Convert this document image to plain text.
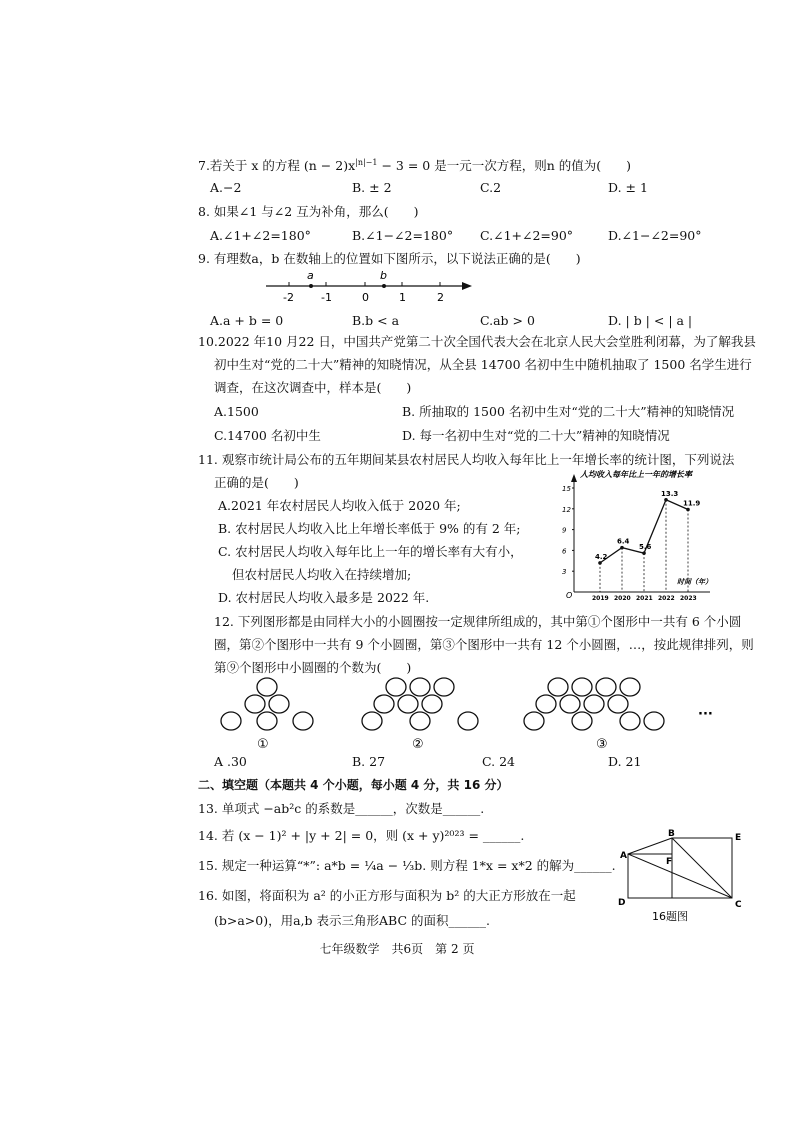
7.若关于 x 的方程 $(n - 2)x^{|n|-1} - 3 = 0$ 是一元一次方程，则n 的值为(　　)
A.−2	B. ± 2	C.2	D. ± 1
8. 如果∠1 与∠2 互为补角，那么(　　)
A.∠1+∠2=180°	B.∠1−∠2=180° C.∠1+∠2=90°	D.∠1−∠2=90°
9. 有理数a，b 在数轴上的位置如下图所示，以下说法正确的是(　　)
a	b
-2 -1	0	1	2
A.a + b = 0	B.b < a	C.ab > 0	D. | b | < | a |
10.2022 年10 月22 日，中国共产党第二十次全国代表大会在北京人民大会堂胜利闭幕，为了解我县
初中生对“党的二十大”精神的知晓情况，从全县 14700 名初中生中随机抽取了 1500 名学生进行
调查，在这次调查中，样本是(　　)
A.1500	B. 所抽取的 1500 名初中生对“党的二十大”精神的知晓情况
C.14700 名初中生	D. 每一名初中生对“党的二十大”精神的知晓情况
11. 观察市统计局公布的五年期间某县农村居民人均收入每年比上一年增长率的统计图，下列说法
正确的是(　　)
A.2021 年农村居民人均收入低于 2020 年;
B. 农村居民人均收入比上年增长率低于 9% 的有 2 年;
C. 农村居民人均收入每年比上一年的增长率有大有小，
但农村居民人均收入在持续增加;
D. 农村居民人均收入最多是 2022 年.
人均收入每年比上一年的增长率
O
时间（年）
3
6
9
12
15
2019 2020 2021 2022 2023
4.2
6.4
5.6
13.3
11.9
12. 下列图形都是由同样大小的小圆圈按一定规律所组成的，其中第①个图形中一共有 6 个小圆
圈，第②个图形中一共有 9 个小圆圈，第③个图形中一共有 12 个小圆圈，…，按此规律排列，则
第⑨个图形中小圆圈的个数为(　　)
①	②	③
···
A .30	B. 27	C. 24	D. 21
二、填空题（本题共 4 个小题，每小题 4 分，共 16 分）
13. 单项式 −ab²c 的系数是______，次数是______.
14. 若 (x − 1)² + |y + 2| = 0，则 (x + y)²⁰²³ = ______.
15. 规定一种运算“*”: a*b = ¼a − ⅓b. 则方程 1*x = x*2 的解为______.
16. 如图，将面积为 a² 的小正方形与面积为 b² 的大正方形放在一起
(b>a>0)，用a,b 表示三角形ABC 的面积______.
A
B	E
F
D	C
16题图
七年级数学　共6页　第 2 页
